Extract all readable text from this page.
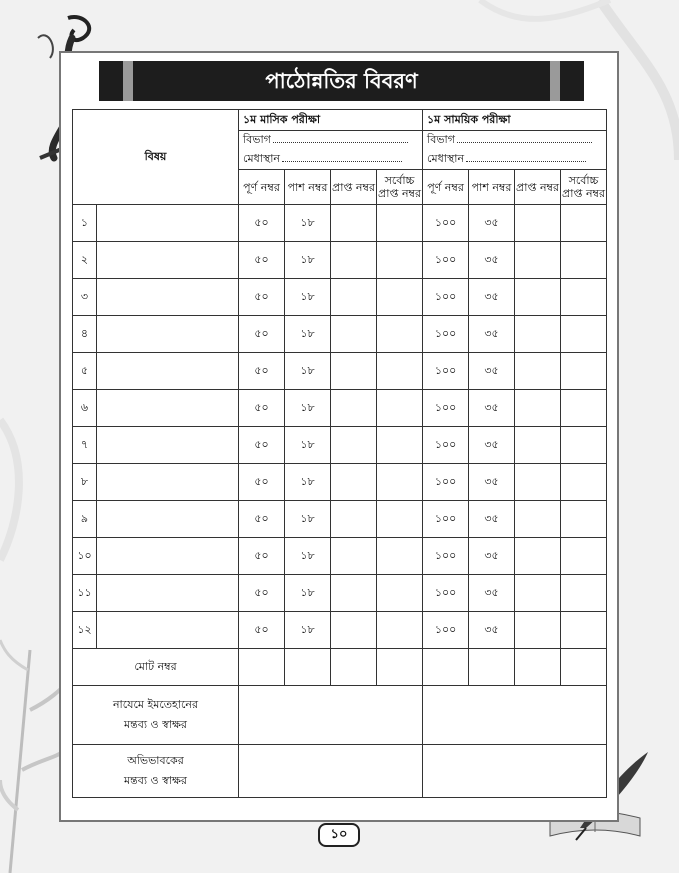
পাঠোন্নতির বিবরণ
বিষয়		১ম মাসিক পরীক্ষা				১ম সাময়িক পরীক্ষা			
		বিভাগ				বিভাগ			
		মেধাস্থান				মেধাস্থান			
		পূর্ণ নম্বর	পাশ নম্বর	প্রাপ্ত নম্বর	সর্বোচ্চ প্রাপ্ত নম্বর	পূর্ণ নম্বর	পাশ নম্বর	প্রাপ্ত নম্বর	সর্বোচ্চ প্রাপ্ত নম্বর
১		৫০	১৮			১০০	৩৫		
২		৫০	১৮			১০০	৩৫		
৩		৫০	১৮			১০০	৩৫		
৪		৫০	১৮			১০০	৩৫		
৫		৫০	১৮			১০০	৩৫		
৬		৫০	১৮			১০০	৩৫		
৭		৫০	১৮			১০০	৩৫		
৮		৫০	১৮			১০০	৩৫		
৯		৫০	১৮			১০০	৩৫		
১০		৫০	১৮			১০০	৩৫		
১১		৫০	১৮			১০০	৩৫		
১২		৫০	১৮			১০০	৩৫		
মোট নম্বর									

নাযেমে ইমতেহানের
মন্তব্য ও স্বাক্ষর									

অভিভাবকের
মন্তব্য ও স্বাক্ষর									

১০
